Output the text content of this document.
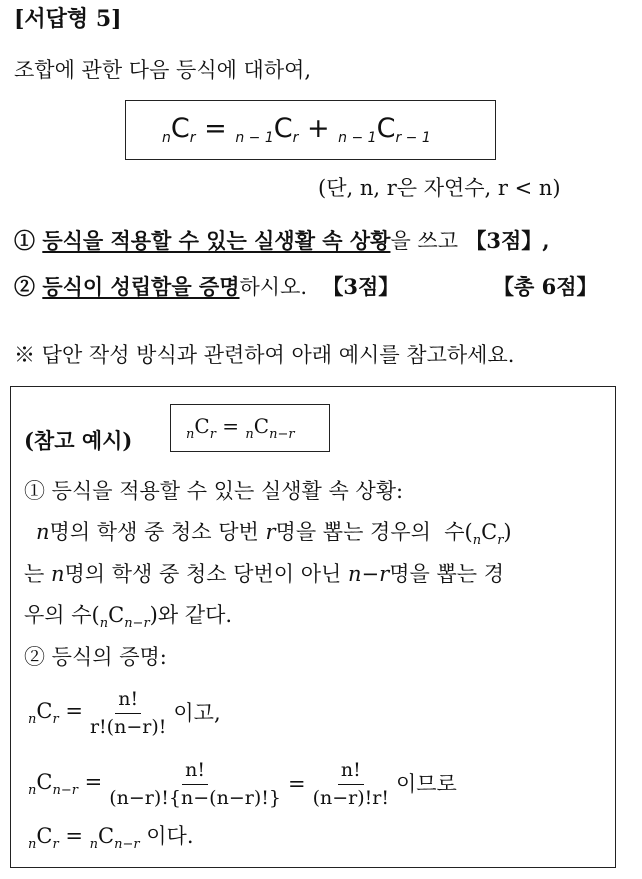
[서답형 5]
조합에 관한 다음 등식에 대하여,
$_nC_r = _{n - 1}C_r + _{n - 1}C_{r - 1}$
(단, n, r은 자연수, r < n)
① 등식을 적용할 수 있는 실생활 속 상황을 쓰고 【3점】,
② 등식이 성립함을 증명하시오. 【3점】	【총 6점】
※ 답안 작성 방식과 관련하여 아래 예시를 참고하세요.
(참고 예시)	$_nC_r = _nC_{n-r}$
① 등식을 적용할 수 있는 실생활 속 상황:
n명의 학생 중 청소 당번 r명을 뽑는 경우의 수$(_nC_r)$
는 n명의 학생 중 청소 당번이 아닌 n−r명을 뽑는 경
우의 수$(_nC_{n-r})$와 같다.
② 등식의 증명:
$_nC_r = \frac{n!}{r!(n-r)!}$ 이고,
$_nC_{n-r} = \frac{n!}{(n-r)!\{n-(n-r)!\}} = \frac{n!}{(n-r)!r!}$ 이므로
$_nC_r = _nC_{n-r}$ 이다.
